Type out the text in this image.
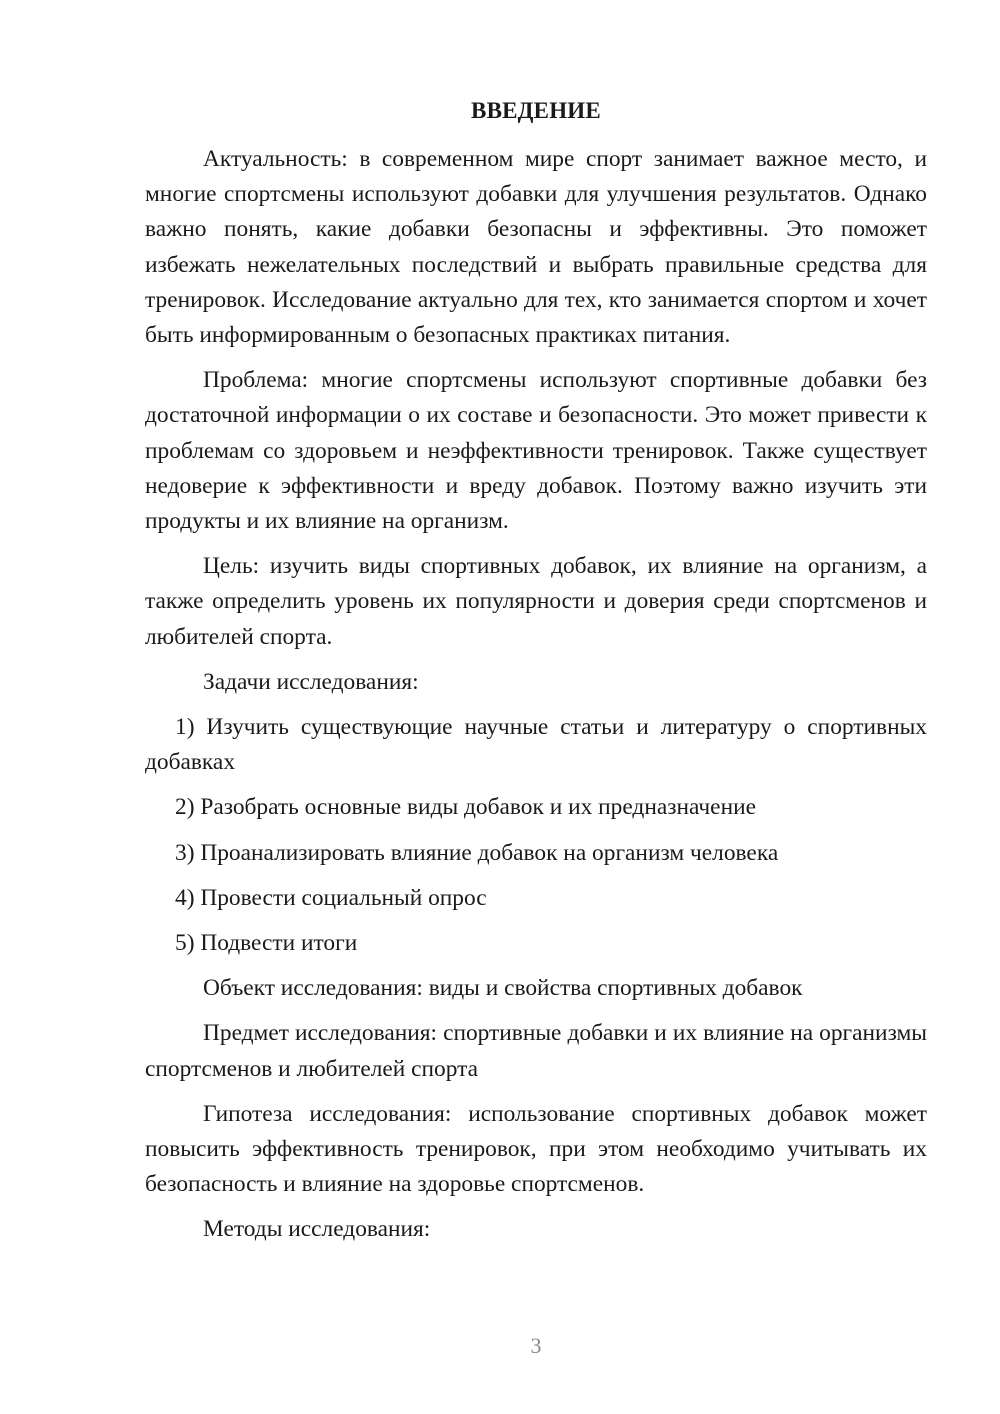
ВВЕДЕНИЕ

Актуальность: в современном мире спорт занимает важное место, и многие спортсмены используют добавки для улучшения результатов. Однако важно понять, какие добавки безопасны и эффективны. Это поможет избежать нежелательных последствий и выбрать правильные средства для тренировок. Исследование актуально для тех, кто занимается спортом и хочет быть информированным о безопасных практиках питания.

Проблема: многие спортсмены используют спортивные добавки без достаточной информации о их составе и безопасности. Это может привести к проблемам со здоровьем и неэффективности тренировок. Также существует недоверие к эффективности и вреду добавок. Поэтому важно изучить эти продукты и их влияние на организм.

Цель: изучить виды спортивных добавок, их влияние на организм, а также определить уровень их популярности и доверия среди спортсменов и любителей спорта.

Задачи исследования:

1) Изучить существующие научные статьи и литературу о спортивных добавках

2) Разобрать основные виды добавок и их предназначение

3) Проанализировать влияние добавок на организм человека

4) Провести социальный опрос

5) Подвести итоги

Объект исследования: виды и свойства спортивных добавок

Предмет исследования: спортивные добавки и их влияние на организмы спортсменов и любителей спорта

Гипотеза исследования: использование спортивных добавок может повысить эффективность тренировок, при этом необходимо учитывать их безопасность и влияние на здоровье спортсменов.

Методы исследования:

3
